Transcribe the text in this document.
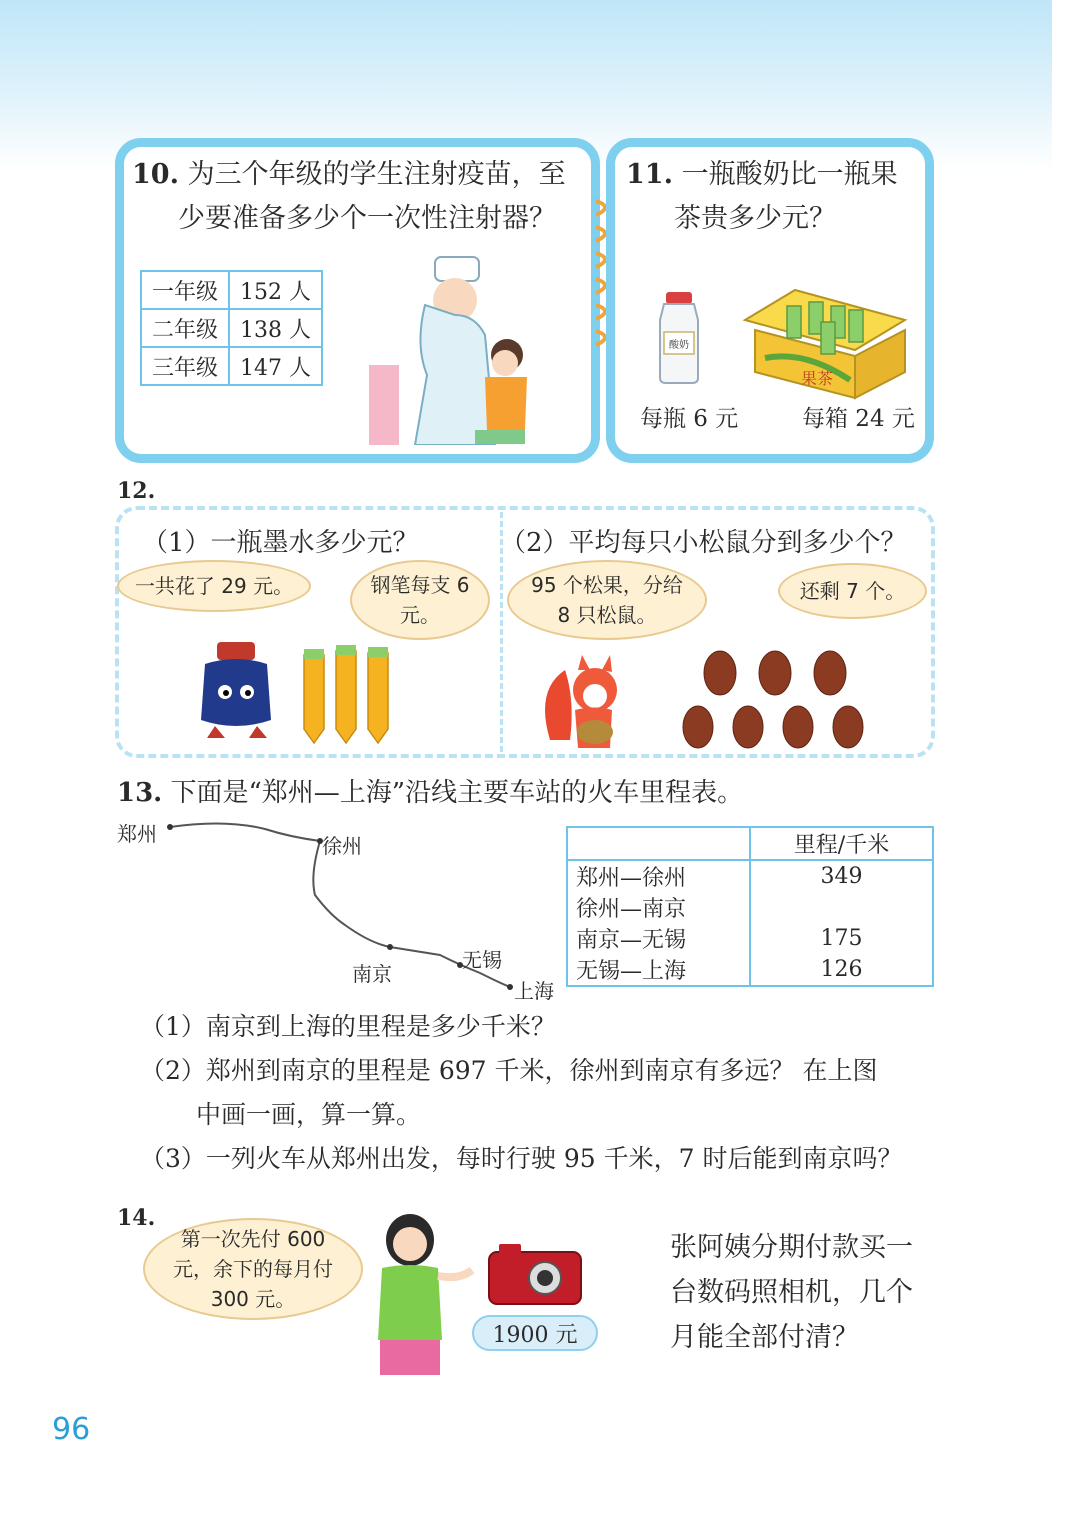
10. 为三个年级的学生注射疫苗，至
少要准备多少个一次性注射器？
一年级	152 人
二年级	138 人
三年级	147 人
11. 一瓶酸奶比一瓶果
茶贵多少元？
酸奶
果茶
每瓶 6 元	每箱 24 元
12.
（1）一瓶墨水多少元？	（2）平均每只小松鼠分到多少个？
一共花了 29 元。	钢笔每支 6 元。
95 个松果，分给 8 只松鼠。
还剩 7 个。
13. 下面是“郑州—上海”沿线主要车站的火车里程表。
郑州	徐州
南京
无锡
上海
	里程/千米
郑州—徐州	349
徐州—南京	
南京—无锡	175
无锡—上海	126
（1）南京到上海的里程是多少千米？
（2）郑州到南京的里程是 697 千米，徐州到南京有多远？ 在上图
中画一画，算一算。
（3）一列火车从郑州出发，每时行驶 95 千米，7 时后能到南京吗？
14.
第一次先付 600 元，余下的每月付 300 元。
1900 元
张阿姨分期付款买一
台数码照相机，几个
月能全部付清？
96
